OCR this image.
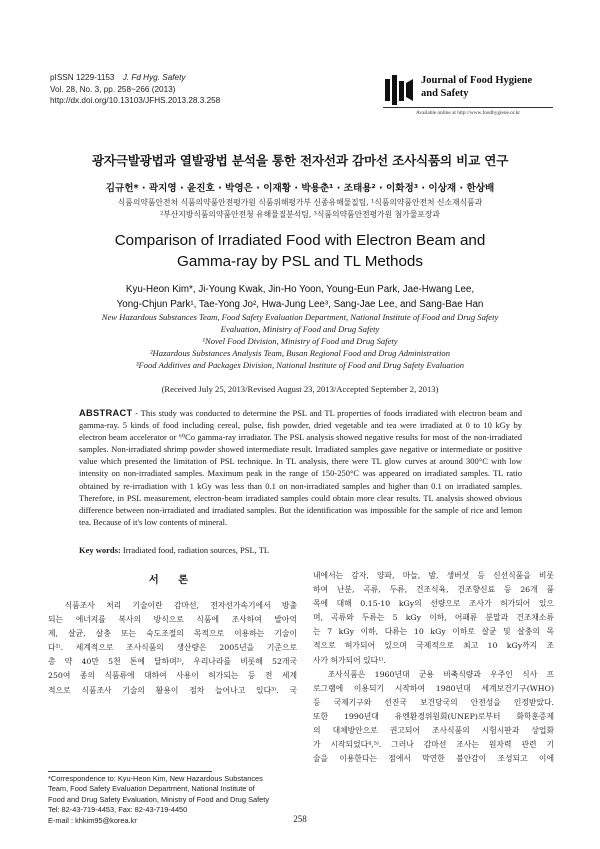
pISSN 1229-1153　 J. Fd Hyg. Safety
Vol. 28, No. 3, pp. 258~266 (2013)
http://dx.doi.org/10.13103/JFHS.2013.28.3.258
Journal of Food Hygiene
and Safety
Available online at http://www.foodhygiene.or.kr
광자극발광법과 열발광법 분석을 통한 전자선과 감마선 조사식품의 비교 연구
김규헌* · 곽지영 · 윤진호 · 박영은 · 이재황 · 박용춘¹ · 조태용² · 이화정³ · 이상재 · 한상배
식품의약품안전처 식품의약품안전평가원 식품위해평가부 신종유해물질팀, ¹식품의약품안전처 신소재식품과
²부산지방식품의약품안전청 유해물질분석팀, ³식품의약품안전평가원 첨가물포장과
Comparison of Irradiated Food with Electron Beam and
Gamma-ray by PSL and TL Methods
Kyu-Heon Kim*, Ji-Young Kwak, Jin-Ho Yoon, Young-Eun Park, Jae-Hwang Lee,
Yong-Chjun Park¹, Tae-Yong Jo², Hwa-Jung Lee³, Sang-Jae Lee, and Sang-Bae Han
New Hazardous Substances Team, Food Safety Evaluation Department, National Institute of Food and Drug Safety
Evaluation, Ministry of Food and Drug Safety
¹Novel Food Division, Ministry of Food and Drug Safety
²Hazardous Substances Analysis Team, Busan Regional Food and Drug Administration
³Food Additives and Packages Division, National Institute of Food and Drug Safety Evaluation
(Received July 25, 2013/Revised August 23, 2013/Accepted September 2, 2013)
ABSTRACT - This study was conducted to determine the PSL and TL properties of foods irradiated with electron beam and gamma-ray. 5 kinds of food including cereal, pulse, fish powder, dried vegetable and tea were irradiated at 0 to 10 kGy by electron beam accelerator or ⁶⁰Co gamma-ray irradiator. The PSL analysis showed negative results for most of the non-irradiated samples. Non-irradiated shrimp powder showed intermediate result. Irradiated samples gave negative or intermediate or positive value which presented the limitation of PSL technique. In TL analysis, there were TL glow curves at around 300°C with low intensity on non-irradiated samples. Maximum peak in the range of 150-250°C was appeared on irradiated samples. TL ratio obtained by re-irradiation with 1 kGy was less than 0.1 on non-irradiated samples and higher than 0.1 on irradiated samples. Therefore, in PSL measurement, electron-beam irradiated samples could obtain more clear results. TL analysis showed obvious difference between non-irradiated and irradiated samples. But the identification was impossible for the sample of rice and lemon tea. Because of it's low contents of mineral.
Key words: Irradiated food, radiation sources, PSL, TL
서 론

　식품조사 처리 기술이란 감마선, 전자선가속기에서 방출

되는 에너지를 복사의 방식으로 식품에 조사하여 발아억

제, 살균, 살충 또는 숙도조절의 목적으로 이용하는 기술이

다¹⁾. 세계적으로 조사식품의 생산량은 2005년을 기준으로

총 약 40만 5천 톤에 달하며²⁾, 우리나라를 비롯해 52개국

250여 종의 식품류에 대하여 사용이 허가되는 등 전 세계

적으로 식품조사 기술의 활용이 점차 늘어나고 있다³⁾. 국

내에서는 감자, 양파, 마늘, 밤, 생버섯 등 신선식품을 비롯

하여 난분, 곡류, 두류, 건조식육, 건조향신료 등 26개 품

목에 대해 0.15-10 kGy의 선량으로 조사가 허가되어 있으

며, 곡류와 두류는 5 kGy 이하, 어패류 분말과 건조채소류

는 7 kGy 이하, 다류는 10 kGy 이하로 살균 및 살충의 목

적으로 허가되어 있으며 국제적으로 최고 10 kGy까지 조

사가 허가되어 있다¹⁾.

　조사식품은 1960년대 군용 비축식량과 우주인 식사 프

로그램에 이용되기 시작하여 1980년대 세계보건기구(WHO)

등 국제기구와 선진국 보건당국의 안전성을 인정받았다.

또한 1990년대 유엔환경위원회(UNEP)로부터 화학훈증제

의 대체방안으로 권고되어 조사식품의 시험시판과 상업화

가 시작되었다⁴,⁵⁾. 그러나 감마선 조사는 원자력 관련 기

술을 이용한다는 점에서 막연한 불안감이 조성되고 이에

*Correspondence to: Kyu-Heon Kim, New Hazardous Substances
Team, Food Safety Evaluation Department, National Institute of
Food and Drug Safety Evaluation, Ministry of Food and Drug Safety
Tel: 82-43-719-4453, Fax: 82-43-719-4450
E-mail : khkim95@korea.kr	258
